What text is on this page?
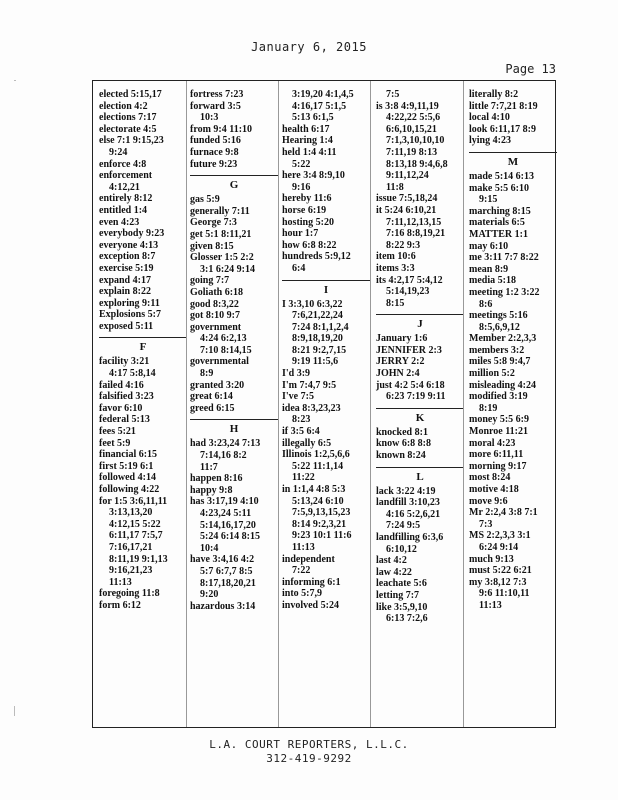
January 6, 2015
Page 13
elected 5:15,17
election 4:2
elections 7:17
electorate 4:5
else 7:1 9:15,23
9:24
enforce 4:8
enforcement
4:12,21
entirely 8:12
entitled 1:4
even 4:23
everybody 9:23
everyone 4:13
exception 8:7
exercise 5:19
expand 4:17
explain 8:22
exploring 9:11
Explosions 5:7
exposed 5:11
F
facility 3:21
4:17 5:8,14
failed 4:16
falsified 3:23
favor 6:10
federal 5:13
fees 5:21
feet 5:9
financial 6:15
first 5:19 6:1
followed 4:14
following 4:22
for 1:5 3:6,11,11
3:13,13,20
4:12,15 5:22
6:11,17 7:5,7
7:16,17,21
8:11,19 9:1,13
9:16,21,23
11:13
foregoing 11:8
form 6:12
fortress 7:23
forward 3:5
10:3
from 9:4 11:10
funded 5:16
furnace 9:8
future 9:23
G
gas 5:9
generally 7:11
George 7:3
get 5:1 8:11,21
given 8:15
Glosser 1:5 2:2
3:1 6:24 9:14
going 7:7
Goliath 6:18
good 8:3,22
got 8:10 9:7
government
4:24 6:2,13
7:10 8:14,15
governmental
8:9
granted 3:20
great 6:14
greed 6:15
H
had 3:23,24 7:13
7:14,16 8:2
11:7
happen 8:16
happy 9:8
has 3:17,19 4:10
4:23,24 5:11
5:14,16,17,20
5:24 6:14 8:15
10:4
have 3:4,16 4:2
5:7 6:7,7 8:5
8:17,18,20,21
9:20
hazardous 3:14
3:19,20 4:1,4,5
4:16,17 5:1,5
5:13 6:1,5
health 6:17
Hearing 1:4
held 1:4 4:11
5:22
here 3:4 8:9,10
9:16
hereby 11:6
horse 6:19
hosting 5:20
hour 1:7
how 6:8 8:22
hundreds 5:9,12
6:4
I
I 3:3,10 6:3,22
7:6,21,22,24
7:24 8:1,1,2,4
8:9,18,19,20
8:21 9:2,7,15
9:19 11:5,6
I'd 3:9
I'm 7:4,7 9:5
I've 7:5
idea 8:3,23,23
8:23
if 3:5 6:4
illegally 6:5
Illinois 1:2,5,6,6
5:22 11:1,14
11:22
in 1:1,4 4:8 5:3
5:13,24 6:10
7:5,9,13,15,23
8:14 9:2,3,21
9:23 10:1 11:6
11:13
independent
7:22
informing 6:1
into 5:7,9
involved 5:24
7:5
is 3:8 4:9,11,19
4:22,22 5:5,6
6:6,10,15,21
7:1,3,10,10,10
7:11,19 8:13
8:13,18 9:4,6,8
9:11,12,24
11:8
issue 7:5,18,24
it 5:24 6:10,21
7:11,12,13,15
7:16 8:8,19,21
8:22 9:3
item 10:6
items 3:3
its 4:2,17 5:4,12
5:14,19,23
8:15
J
January 1:6
JENNIFER 2:3
JERRY 2:2
JOHN 2:4
just 4:2 5:4 6:18
6:23 7:19 9:11
K
knocked 8:1
know 6:8 8:8
known 8:24
L
lack 3:22 4:19
landfill 3:10,23
4:16 5:2,6,21
7:24 9:5
landfilling 6:3,6
6:10,12
last 4:2
law 4:22
leachate 5:6
letting 7:7
like 3:5,9,10
6:13 7:2,6
literally 8:2
little 7:7,21 8:19
local 4:10
look 6:11,17 8:9
lying 4:23
M
made 5:14 6:13
make 5:5 6:10
9:15
marching 8:15
materials 6:5
MATTER 1:1
may 6:10
me 3:11 7:7 8:22
mean 8:9
media 5:18
meeting 1:2 3:22
8:6
meetings 5:16
8:5,6,9,12
Member 2:2,3,3
members 3:2
miles 5:8 9:4,7
million 5:2
misleading 4:24
modified 3:19
8:19
money 5:5 6:9
Monroe 11:21
moral 4:23
more 6:11,11
morning 9:17
most 8:24
motive 4:18
move 9:6
Mr 2:2,4 3:8 7:1
7:3
MS 2:2,3,3 3:1
6:24 9:14
much 9:13
must 5:22 6:21
my 3:8,12 7:3
9:6 11:10,11
11:13
L.A. COURT REPORTERS, L.L.C.
312-419-9292
